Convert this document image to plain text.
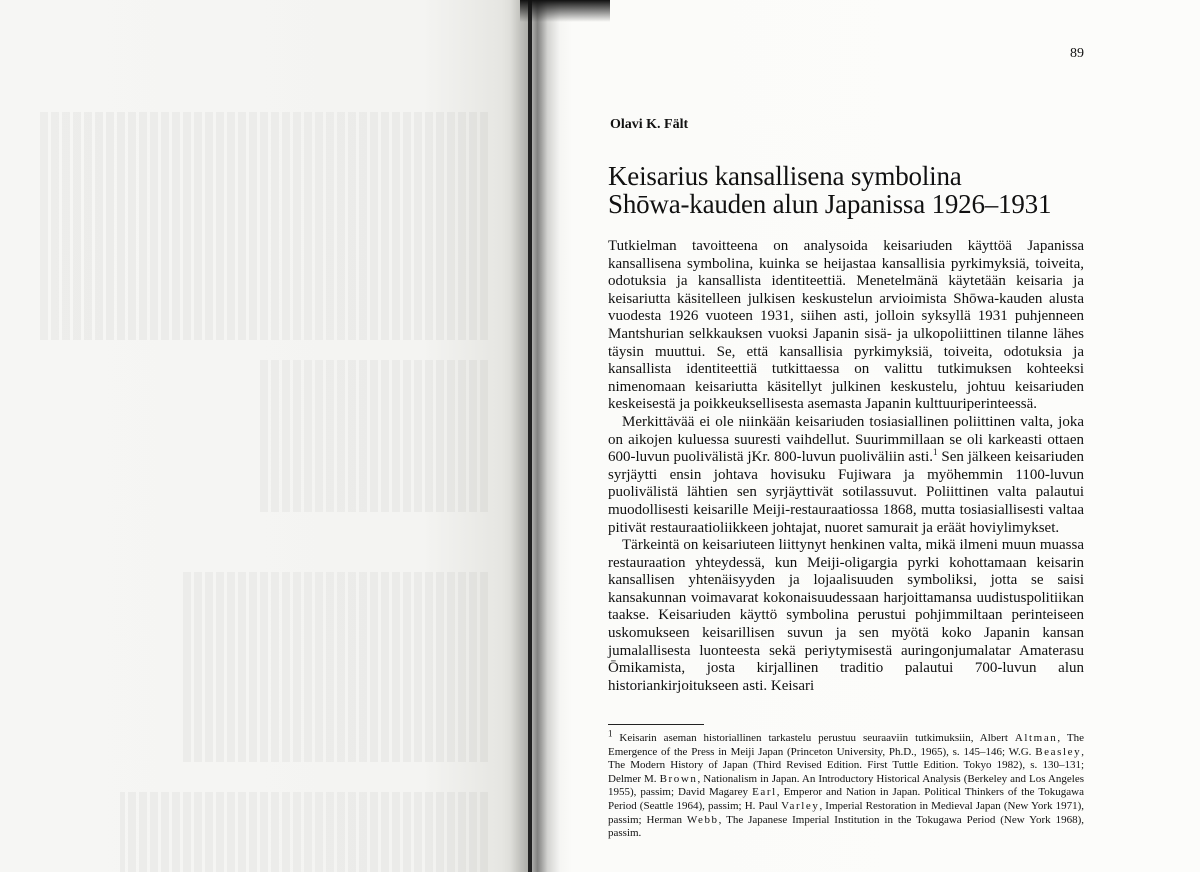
89
Olavi K. Fält
Keisarius kansallisena symbolina
Shōwa-kauden alun Japanissa 1926–1931

Tutkielman tavoitteena on analysoida keisariuden käyttöä Japanissa kansallisena symbolina, kuinka se heijastaa kansallisia pyrkimyksiä, toiveita, odotuksia ja kansallista identiteettiä. Menetelmänä käytetään keisaria ja keisariutta käsitelleen julkisen keskustelun arvioimista Shōwa-kauden alusta vuodesta 1926 vuoteen 1931, siihen asti, jolloin syksyllä 1931 puhjenneen Mantshurian selkkauksen vuoksi Japanin sisä- ja ulkopoliittinen tilanne lähes täysin muuttui. Se, että kansallisia pyrkimyksiä, toiveita, odotuksia ja kansallista identiteettiä tutkittaessa on valittu tutkimuksen kohteeksi nimenomaan keisariutta käsitellyt julkinen keskustelu, johtuu keisariuden keskeisestä ja poikkeuksellisesta asemasta Japanin kulttuuriperinteessä.

Merkittävää ei ole niinkään keisariuden tosiasiallinen poliittinen valta, joka on aikojen kuluessa suuresti vaihdellut. Suurimmillaan se oli karkeasti ottaen 600-luvun puolivälistä jKr. 800-luvun puoliväliin asti.$^1$ Sen jälkeen keisariuden syrjäytti ensin johtava hovisuku Fujiwara ja myöhemmin 1100-luvun puolivälistä lähtien sen syrjäyttivät sotilassuvut. Poliittinen valta palautui muodollisesti keisarille Meiji-restauraatiossa 1868, mutta tosiasiallisesti valtaa pitivät restauraatioliikkeen johtajat, nuoret samurait ja eräät hoviylimykset.

Tärkeintä on keisariuteen liittynyt henkinen valta, mikä ilmeni muun muassa restauraation yhteydessä, kun Meiji-oligargia pyrki kohottamaan keisarin kansallisen yhtenäisyyden ja lojaalisuuden symboliksi, jotta se saisi kansakunnan voimavarat kokonaisuudessaan harjoittamansa uudistuspolitiikan taakse. Keisariuden käyttö symbolina perustui pohjimmiltaan perinteiseen uskomukseen keisarillisen suvun ja sen myötä koko Japanin kansan jumalallisesta luonteesta sekä periytymisestä auringonjumalatar Amaterasu Ōmikamista, josta kirjallinen traditio palautui 700-luvun alun historiankirjoitukseen asti. Keisari

$^1$ Keisarin aseman historiallinen tarkastelu perustuu seuraaviin tutkimuksiin, Albert Altman, The Emergence of the Press in Meiji Japan (Princeton University, Ph.D., 1965), s. 145–146; W.G. Beasley, The Modern History of Japan (Third Revised Edition. First Tuttle Edition. Tokyo 1982), s. 130–131; Delmer M. Brown, Nationalism in Japan. An Introductory Historical Analysis (Berkeley and Los Angeles 1955), passim; David Magarey Earl, Emperor and Nation in Japan. Political Thinkers of the Tokugawa Period (Seattle 1964), passim; H. Paul Varley, Imperial Restoration in Medieval Japan (New York 1971), passim; Herman Webb, The Japanese Imperial Institution in the Tokugawa Period (New York 1968), passim.
